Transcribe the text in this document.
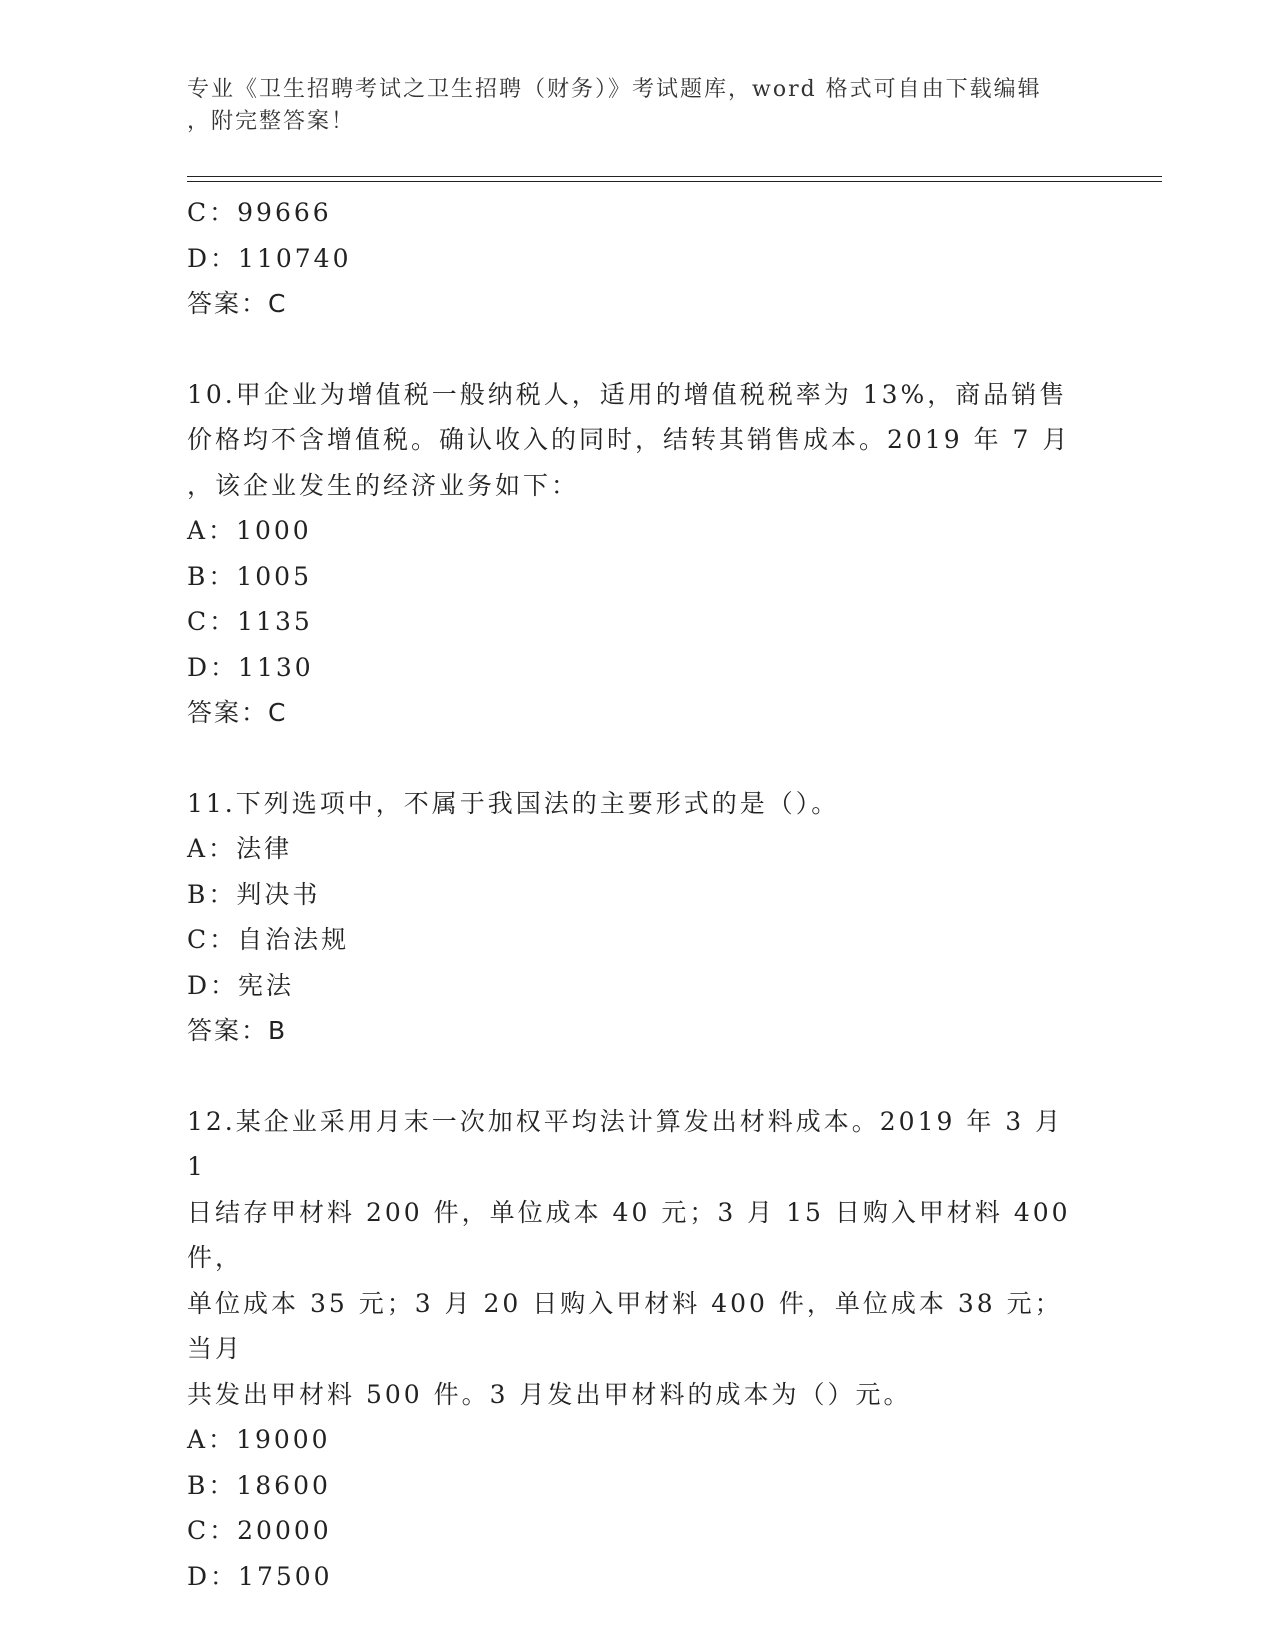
专业《卫生招聘考试之卫生招聘（财务）》考试题库，word 格式可自由下载编辑
，附完整答案！

C：99666

D：110740

答案：C

10.甲企业为增值税一般纳税人，适用的增值税税率为 13%，商品销售

价格均不含增值税。确认收入的同时，结转其销售成本。2019 年 7 月

，该企业发生的经济业务如下：

A：1000

B：1005

C：1135

D：1130

答案：C

11.下列选项中，不属于我国法的主要形式的是（）。

A：法律

B：判决书

C：自治法规

D：宪法

答案：B

12.某企业采用月末一次加权平均法计算发出材料成本。2019 年 3 月 1

日结存甲材料 200 件，单位成本 40 元；3 月 15 日购入甲材料 400 件，

单位成本 35 元；3 月 20 日购入甲材料 400 件，单位成本 38 元；当月

共发出甲材料 500 件。3 月发出甲材料的成本为（）元。

A：19000

B：18600

C：20000

D：17500
